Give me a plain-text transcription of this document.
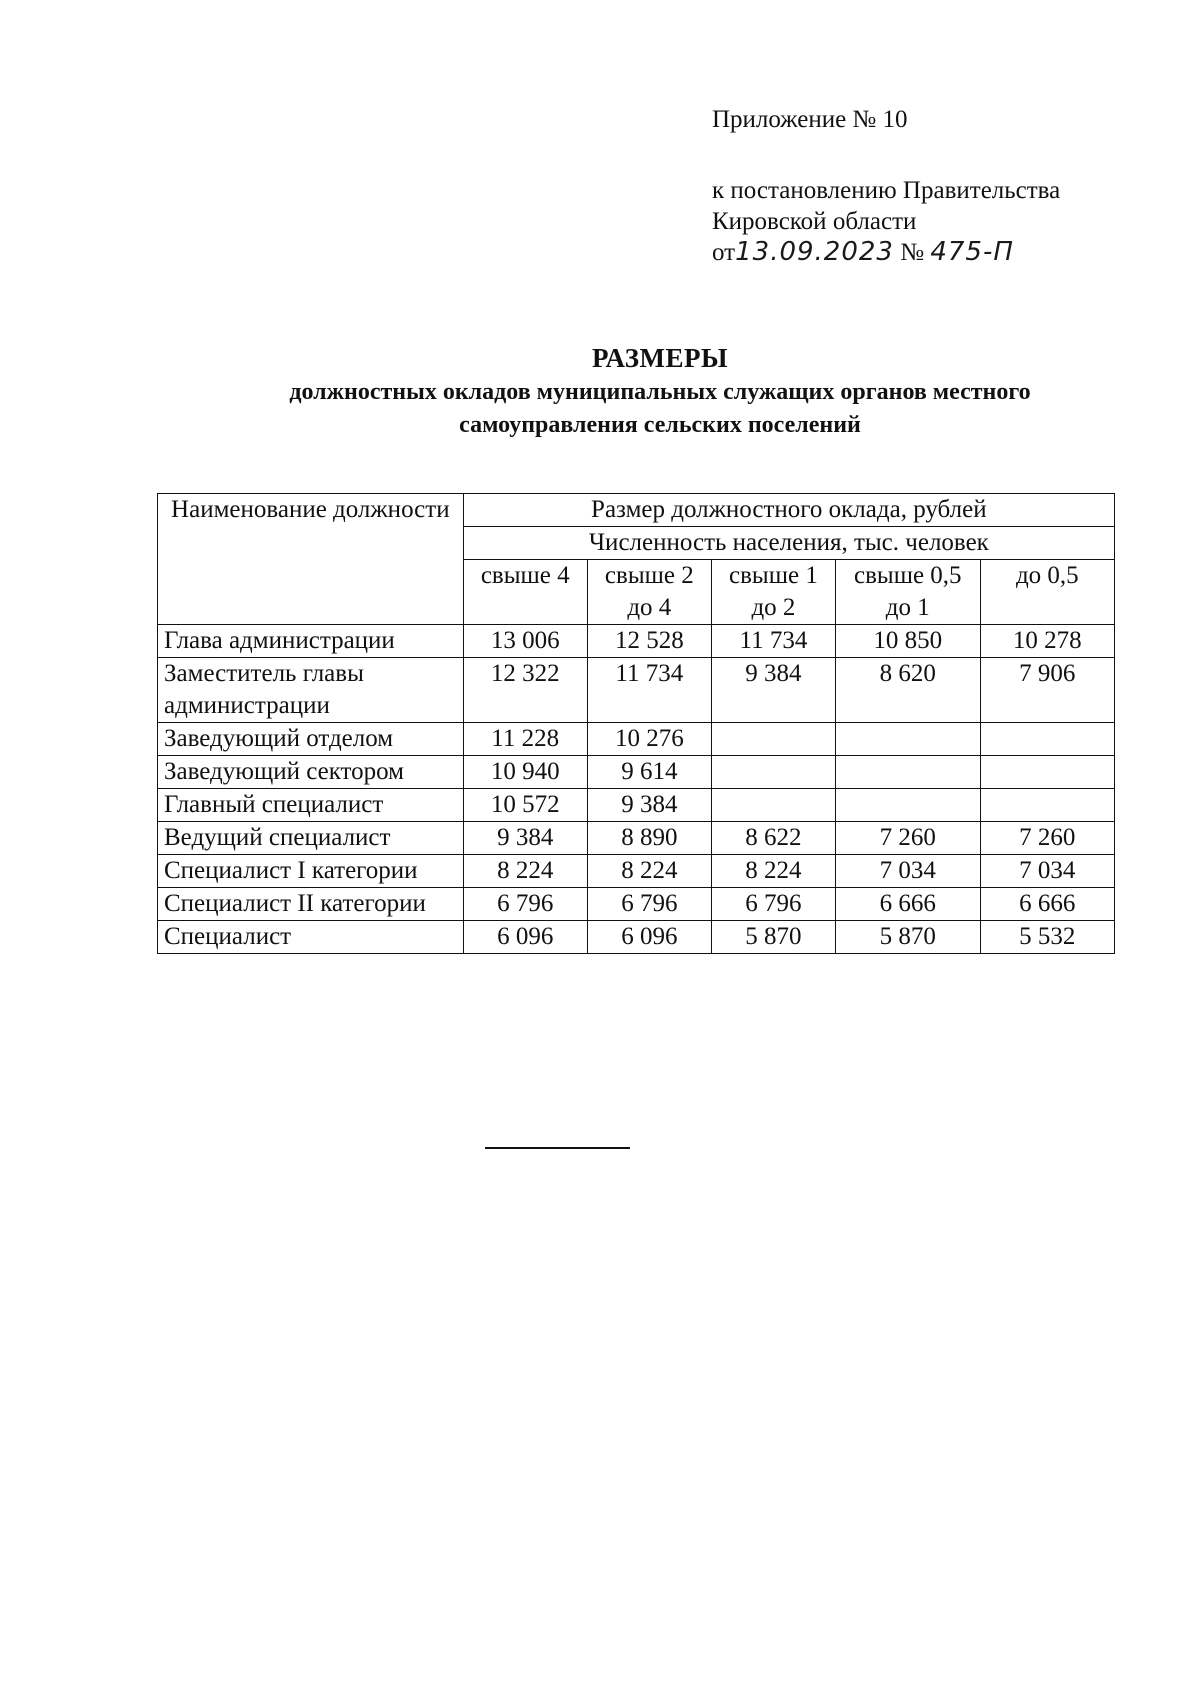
Приложение № 10
к постановлению Правительства
Кировской области
от13.09.2023 № 475-П
РАЗМЕРЫ
должностных окладов муниципальных служащих органов местного
самоуправления сельских поселений
Наименование должности	Размер должностного оклада, рублей				
	Численность населения, тыс. человек				
	свыше 4	свыше 2 до 4	свыше 1 до 2	свыше 0,5 до 1	до 0,5
Глава администрации	13 006	12 528	11 734	10 850	10 278
Заместитель главы администрации	12 322	11 734	9 384	8 620	7 906
Заведующий отделом	11 228	10 276			
Заведующий сектором	10 940	9 614			
Главный специалист	10 572	9 384			
Ведущий специалист	9 384	8 890	8 622	7 260	7 260
Специалист I категории	8 224	8 224	8 224	7 034	7 034
Специалист II категории	6 796	6 796	6 796	6 666	6 666
Специалист	6 096	6 096	5 870	5 870	5 532
